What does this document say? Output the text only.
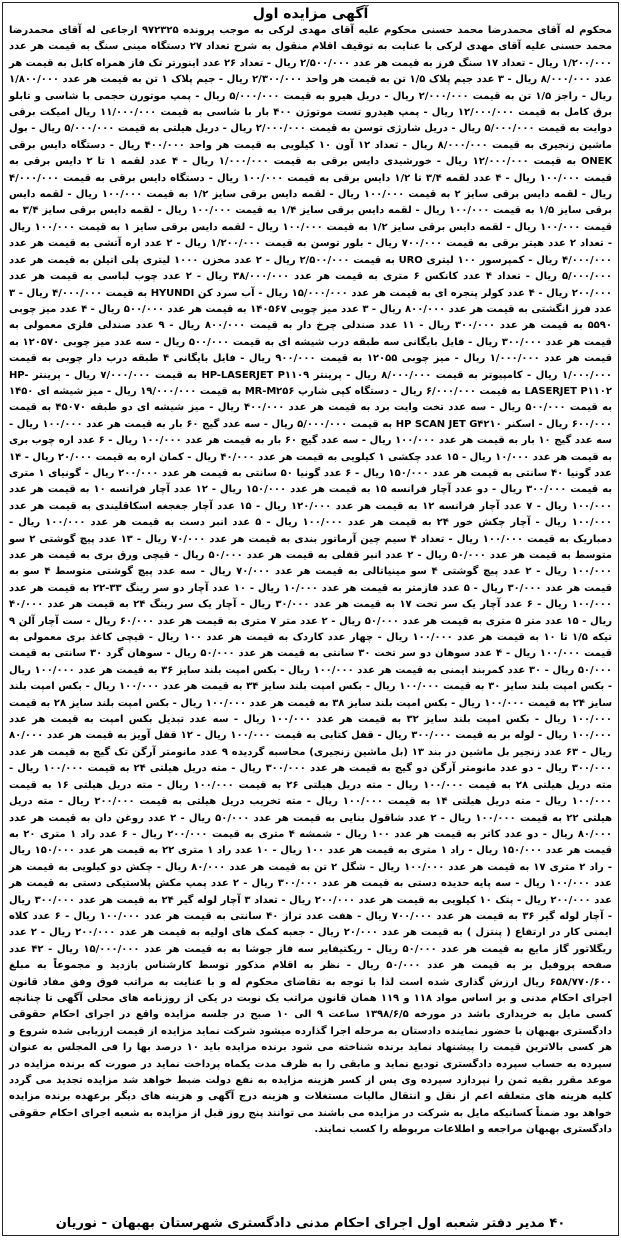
آگهی مزایده اول

محکوم له آقای محمدرضا محمد حسنی محکوم علیه آقای مهدی لرکی به موجب پرونده ۹۷۲۳۲۵ ارجاعی له آقای محمدرضا محمد حسنی علیه آقای مهدی لرکی با عنایت به توقیف اقلام منقول به شرح تعداد ۲۷ دستگاه مینی سنگ به قیمت هر عدد ۱/۲۰۰/۰۰۰ ریال - تعداد ۱۷ سنگ فرز به قیمت هر عدد ۲/۵۰۰/۰۰۰ ریال - تعداد ۲۶ عدد اینورتر تک فاز همراه کابل به قیمت هر عدد ۸/۰۰۰/۰۰۰ ریال - ۳ عدد جیم پلاک ۱/۵ تن به قیمت هر واحد ۲/۳۰۰/۰۰۰ ریال - جیم پلاک ۱ تن به قیمت هر عدد ۱/۸۰۰/۰۰۰ ریال - راجز ۱/۵ تن به قیمت ۲/۰۰۰/۰۰۰ ریال - دریل هیرو به قیمت ۵/۰۰۰/۰۰۰ ریال - پمپ موتورن حجمی با شاسی و تابلو برق کامل به قیمت ۱۲/۰۰۰/۰۰۰ ریال - پمپ هیدرو تست موتوژن ۴۰۰ بار با شاسی به قیمت ۱۱/۰۰۰/۰۰۰ ریال امیکت برقی دوایت به قیمت ۵/۰۰۰/۰۰۰ ریال - دریل شارژی توسن به قیمت ۲/۰۰۰/۰۰۰ ریال - دریل هیلتی به قیمت ۵/۰۰۰/۰۰۰ ریال - بول ماشین زنجیری به قیمت ۸/۰۰۰/۰۰۰ ریال - تعداد ۱۲ آون ۱۰ کیلویی به قیمت هر واحد ۴۰۰/۰۰۰ ریال - دستگاه دایس برقی ONEK به قیمت ۱۲/۰۰۰/۰۰۰ ریال - خورشیدی دایس برقی به قیمت ۱/۰۰۰/۰۰۰ ریال - ۴ عدد لقمه ۱ تا ۲ دایس برقی به قیمت ۱۰۰/۰۰۰ ریال - ۴ عدد لقمه ۳/۴ تا ۱/۲ دایس برقی به قیمت ۱۰۰/۰۰۰ ریال - دستگاه دایس برقی به قیمت ۴/۰۰۰/۰۰۰ ریال - لقمه دایس برقی سایز ۲ به قیمت ۱۰۰/۰۰۰ ریال - لقمه دایس برقی سایز ۱/۲ به قیمت ۱۰۰/۰۰۰ ریال - لقمه دایس برقی سایز ۱/۵ به قیمت ۱۰۰/۰۰۰ ریال - لقمه دایس برقی سایز ۱/۴ به قیمت ۱۰۰/۰۰۰ ریال - لقمه دایس برقی سایز ۳/۴ به قیمت ۱۰۰/۰۰۰ ریال - لقمه دایس برقی سایز ۱/۲ به قیمت ۱۰۰/۰۰۰ ریال - لقمه دایس برقی سایز ۱ به قیمت ۱۰۰/۰۰۰ ریال - تعداد ۲ عدد هیتر برقی به قیمت ۷۰۰/۰۰۰ ریال - بلور توسن به قیمت ۱/۲۰۰/۰۰۰ ریال - ۲ عدد اره آتشی به قیمت هر عدد ۴/۰۰۰/۰۰۰ ریال - کمپرسور ۱۰۰ لیتری URO به قیمت ۲/۵۰۰/۰۰۰ ریال - ۲ عدد مخزن ۱۰۰۰ لیتری پلی اتیلن به قیمت هر عدد ۵/۰۰۰/۰۰۰ ریال - تعداد ۴ عدد کانکس ۶ متری به قیمت هر عدد ۳۸/۰۰۰/۰۰۰ ریال - ۲ عدد چوب لباسی به قیمت هر عدد ۲۰۰/۰۰۰ ریال - ۴ عدد کولر پنجره ای به قیمت هر عدد ۱۵/۰۰۰/۰۰۰ ریال - آب سرد کن HYUNDI به قیمت ۴/۰۰۰/۰۰۰ ریال - ۳ عدد فرز انگشتی به قیمت هر عدد ۸۰۰/۰۰۰ ریال - ۳ عدد میز چوبی ۱۴۰۵۶۷ به قیمت هر عدد ۵۰۰/۰۰۰ ریال - ۴ عدد میز چوبی ۵۵۹۰ به قیمت هر عدد ۳۰۰/۰۰۰ ریال - ۱۱ عدد صندلی چرخ دار به قیمت ۸۰۰/۰۰۰ ریال - ۹ عدد صندلی فلزی معمولی به قیمت هر عدد ۳۰۰/۰۰۰ ریال - فایل بایگانی سه طبقه درب شیشه ای به قیمت ۵۰۰/۰۰۰ ریال - سه عدد میز چوبی ۱۲۰۵۷۰ به قیمت هر عدد ۱/۰۰۰/۰۰۰ ریال - میز چوبی ۱۲۰۵۵ به قیمت ۹۰۰/۰۰۰ ریال - فایل بایگانی ۴ طبقه درب دار چوبی به قیمت ۱/۰۰۰/۰۰۰ ریال - کامپیوتر به قیمت ۸/۰۰۰/۰۰۰ ریال - پرینتر HP-LASERJET P۱۱۰۹ به قیمت ۷/۰۰۰/۰۰۰ ریال - پرینتر HP-LASERJET P۱۱۰۲ به قیمت ۶/۰۰۰/۰۰۰ ریال - دستگاه کپی شارپ MR-M۲۵۶ به قیمت ۱۹/۰۰۰/۰۰۰ ریال - میز شیشه ای ۱۴۵۰ به قیمت ۵۰۰/۰۰۰ ریال - سه عدد تخت وایت برد به قیمت هر عدد ۴۰۰/۰۰۰ ریال - میز شیشه ای دو طبقه ۴۵۰۷۰ به قیمت ۶۰۰/۰۰۰ ریال - اسکنر HP SCAN JET G۴۲۱۰ به قیمت ۵/۰۰۰/۰۰۰ ریال - سه عدد گیج ۶۰ بار به قیمت هر عدد ۱۰۰/۰۰۰ ریال - سه عدد گیج ۱۰ بار به قیمت هر عدد ۱۰۰/۰۰۰ ریال - سه عدد گیج ۶۰ بار به قیمت هر عدد ۱۰۰/۰۰۰ ریال - ۶ عدد اره چوب بری به قیمت هر عدد ۱۰/۰۰۰ ریال - ۱۵ عدد چکشی ۱ کیلویی به قیمت هر عدد ۴۰/۰۰۰ ریال - کمان اره به قیمت ۲۰/۰۰۰ ریال - ۱۴ عدد گونیا ۴۰ سانتی به قیمت هر عدد ۱۵۰/۰۰۰ ریال - ۶ عدد گونیا ۵۰ سانتی به قیمت هر عدد ۲۰۰/۰۰۰ ریال - گونیای ۱ متری به قیمت ۳۰۰/۰۰۰ ریال - دو عدد آچار فرانسه ۱۵ به قیمت هر عدد ۱۵۰/۰۰۰ ریال - ۱۲ عدد آچار فرانسه ۱۰ به قیمت هر عدد ۱۰۰/۰۰۰ ریال - ۷ عدد آچار فرانسه ۱۲ به قیمت هر عدد ۱۲۰/۰۰۰ ریال - ۱۵ عدد آچار جغجغه اسکاقلیندی به قیمت هر عدد ۱۰۰/۰۰۰ ریال - آچار چکش خور ۲۴ به قیمت هر عدد ۱۰۰/۰۰۰ ریال - ۵ عدد انبر دست به قیمت هر عدد ۱۰۰/۰۰۰ ریال - دمباریک به قیمت ۱۰۰/۰۰۰ ریال - تعداد ۴ سیم چین آرماتور بندی به قیمت هر عدد ۷۰/۰۰۰ ریال - ۱۳ عدد پیچ گوشتی ۲ سو متوسط به قیمت هر عدد ۵۰/۰۰۰ ریال - ۲ عدد انبر قفلی به قیمت هر عدد ۵۰/۰۰۰ ریال - قیچی ورق بری به قیمت هر عدد ۱۰۰/۰۰۰ ریال - ۲ عدد پیچ گوشتی ۴ سو مینیاتالی به قیمت هر عدد ۷۰/۰۰۰ ریال - سه عدد پیچ گوشتی متوسط ۴ سو به قیمت هر عدد ۳۰/۰۰۰ ریال - ۵ عدد فازمتر به قیمت هر عدد ۱۰/۰۰۰ ریال - ۱۰ عدد آچار دو سر رینگ ۳۳-۲۲ به قیمت هر عدد ۱۰۰/۰۰۰ ریال - ۶ عدد آچار یک سر تخت ۱۷ به قیمت هر عدد ۳۰/۰۰۰ ریال - آچار یک سر رینگ ۲۴ به قیمت هر عدد ۴۰/۰۰۰ ریال - ۱۵ عدد متر ۵ متری به قیمت هر عدد ۵۰/۰۰۰ ریال - ۲ عدد متر ۷ متری به قیمت هر عدد ۶۰/۰۰۰ ریال - ست آچار آلن ۹ تیکه ۱/۵ تا ۱۰ به قیمت هر عدد ۱۰۰/۰۰۰ ریال - چهار عدد کاردک به قیمت هر عدد ۱۰۰ ریال - قیچی کاغذ بری معمولی به قیمت ۱۰۰/۰۰۰ ریال - ۴ عدد سوهان دو سر تخت ۳۰ سانتی به قیمت هر عدد ۵۰/۰۰۰ ریال - سوهان گرد ۳۰ سانتی به قیمت ۵۰/۰۰۰ ریال - ۳۰ عدد کمربند ایمنی به قیمت هر عدد ۱۰۰/۰۰۰ ریال - بکس امپت بلند سایز ۳۶ به قیمت هر عدد ۱۰۰/۰۰۰ ریال - بکس امپت بلند سایز ۳۰ به قیمت ۱۰۰/۰۰۰ ریال - بکس امپت بلند سایز ۳۴ به قیمت هر عدد ۱۰۰/۰۰۰ ریال - بکس امپت بلند سایز ۲۴ به قیمت ۱۰۰/۰۰۰ ریال - بکس امپت بلند سایز ۳۸ به قیمت هر عدد ۱۰۰/۰۰۰ ریال - بکس امپت بلند سایز ۲۸ به قیمت ۱۰۰/۰۰۰ ریال - بکس امپت بلند سایز ۳۲ به قیمت هر عدد ۱۰۰/۰۰۰ ریال - سه عدد تبدیل بکس امپت به قیمت هر عدد ۱۰۰/۰۰۰ ریال - لوله بر به قیمت ۳۰۰/۰۰۰ ریال - قفل کتابی به قیمت ۱۰۰/۰۰۰ ریال - ۱۲ قفل آویز به قیمت هر عدد ۸۰/۰۰۰ ریال - ۶۳ عدد زنجیر بل ماشین در بند ۱۳ (بل ماشین زنجیری) محاسبه گردیده ۹ عدد مانومتر آرگن تک گیج به قیمت هر عدد ۳۰۰/۰۰۰ ریال - دو عدد مانومتر آرگن دو گیج به قیمت هر عدد ۳۰۰/۰۰۰ ریال - مته دریل هیلتی ۲۴ به قیمت ۱۰۰/۰۰۰ ریال - مته دریل هیلتی ۲۸ به قیمت ۱۰۰/۰۰۰ ریال - مته دریل هیلتی ۲۶ به قیمت ۱۰۰/۰۰۰ ریال - مته دریل هیلتی ۱۶ به قیمت ۱۰۰/۰۰۰ ریال - مته دریل هیلتی ۱۴ به قیمت ۱۰۰/۰۰۰ ریال - مته تخریب دریل هیلتی به قیمت ۲۰۰/۰۰۰ ریال - مته دریل هیلتی ۲۲ به قیمت ۱۰۰/۰۰۰ ریال - ۲ عدد شاقول بنایی به قیمت هر عدد ۵۰/۰۰۰ ریال - ۲ عدد روغن دان به قیمت هر عدد ۸۰/۰۰۰ ریال - دو عدد کاتر به قیمت هر عدد ۱۰۰ ریال - شمشه ۴ متری به قیمت ۲۰۰/۰۰۰ ریال - ۶ عدد راد ۱ متری ۲۰ به قیمت هر عدد ۱۵۰/۰۰۰ ریال - راد ۱ متری به قیمت هر عدد ۱۰۰ ریال - ۱۰ عدد راد ۱ متری ۲۲ به قیمت هر عدد ۱۵۰/۰۰۰ ریال - راد ۲ متری ۱۷ به قیمت هر عدد ۱۰۰/۰۰۰ ریال - شگل ۲ تن به قیمت هر عدد ۸۰/۰۰۰ ریال - چکش دو کیلویی به قیمت هر عدد ۱۰۰/۰۰۰ ریال - سه پایه حدیده دستی به قیمت هر عدد ۳۰۰/۰۰۰ ریال - ۲ عدد پمپ مکش پلاستیکی دستی به قیمت هر عدد ۲۰۰/۰۰۰ ریال - پتک ۱۰ کیلویی به قیمت هر عدد ۲۰۰/۰۰۰ ریال - تعداد ۳ آچار لوله گیر ۲۴ به قیمت هر عدد ۳۰۰/۰۰۰ ریال - آچار لوله گیر ۳۶ به قیمت هر عدد ۷۰۰/۰۰۰ ریال - هفت عدد تراز ۴۰ سانتی به قیمت هر عدد ۱۰۰/۰۰۰ ریال - ۶ عدد کلاه ایمنی کار در ارتفاع ( پنتزل ) به قیمت هر عدد ۲۰/۰۰۰ ریال - جعبه کمک های اولیه به قیمت هر عدد ۲۰۰/۰۰۰ ریال - ۲ عدد ریگلاتور گاز مایع به قیمت هر عدد ۵۰/۰۰۰ ریال - ریکتیفایر سه فاز جوشا به به قیمت هر عدد ۱۵/۰۰۰/۰۰۰ ریال - ۴۲ عدد صفحه پروفیل بر به قیمت هر عدد ۵۰/۰۰۰ ریال - نظر به اقلام مذکور توسط کارشناس بازدید و مجموعاً به مبلغ ۶۵۸/۷۷۰/۶۰۰ ریال ارزش گذاری شده است لذا با توجه به تقاضای محکوم له و با عنایت به مراتب فوق وفق مفاد قانون اجرای احکام مدنی و بر اساس مواد ۱۱۸ و ۱۱۹ همان قانون مراتب یک نوبت در یکی از روزنامه های محلی آگهی تا چنانچه کسی مایل به خریداری باشد در مورخه ۱۳۹۸/۶/۵ ساعت ۹ الی ۱۰ صبح در جلسه مزایده واقع در اجرای احکام حقوقی دادگستری بهبهان با حضور نماینده دادستان به مرحله اجرا گذارده میشود شرکت نماید مزایده از قیمت ارزیابی شده شروع و هر کسی بالاترین قیمت را پیشنهاد نماید برنده شناخته می شود برنده مزایده باید ۱۰ درصد بها را فی المجلس به عنوان سپرده به حساب سپرده دادگستری تودیع نماید و مابقی را به ظرف مدت یکماه پرداخت نماید در صورت که برنده مزایده در موعد مقرر بقیه ثمن را نپردازد سپرده وی پس از کسر هزینه مزایده به نفع دولت ضبط خواهد شد مزایده تجدید می گردد کلیه هزینه های متعلقه اعم از نقل و انتقال مالیات مستغلات و هزینه درج آگهی و هزینه های دیگر برعهده برنده مزایده خواهد بود ضمناً کسانیکه مایل به شرکت در مزایده می باشند می توانند پنج روز قبل از مزایده به شعبه اجرای احکام حقوقی دادگستری بهبهان مراجعه و اطلاعات مربوطه را کسب نمایند.

۴۰ مدیر دفتر شعبه اول اجرای احکام مدنی دادگستری شهرستان بهبهان - نوریان
